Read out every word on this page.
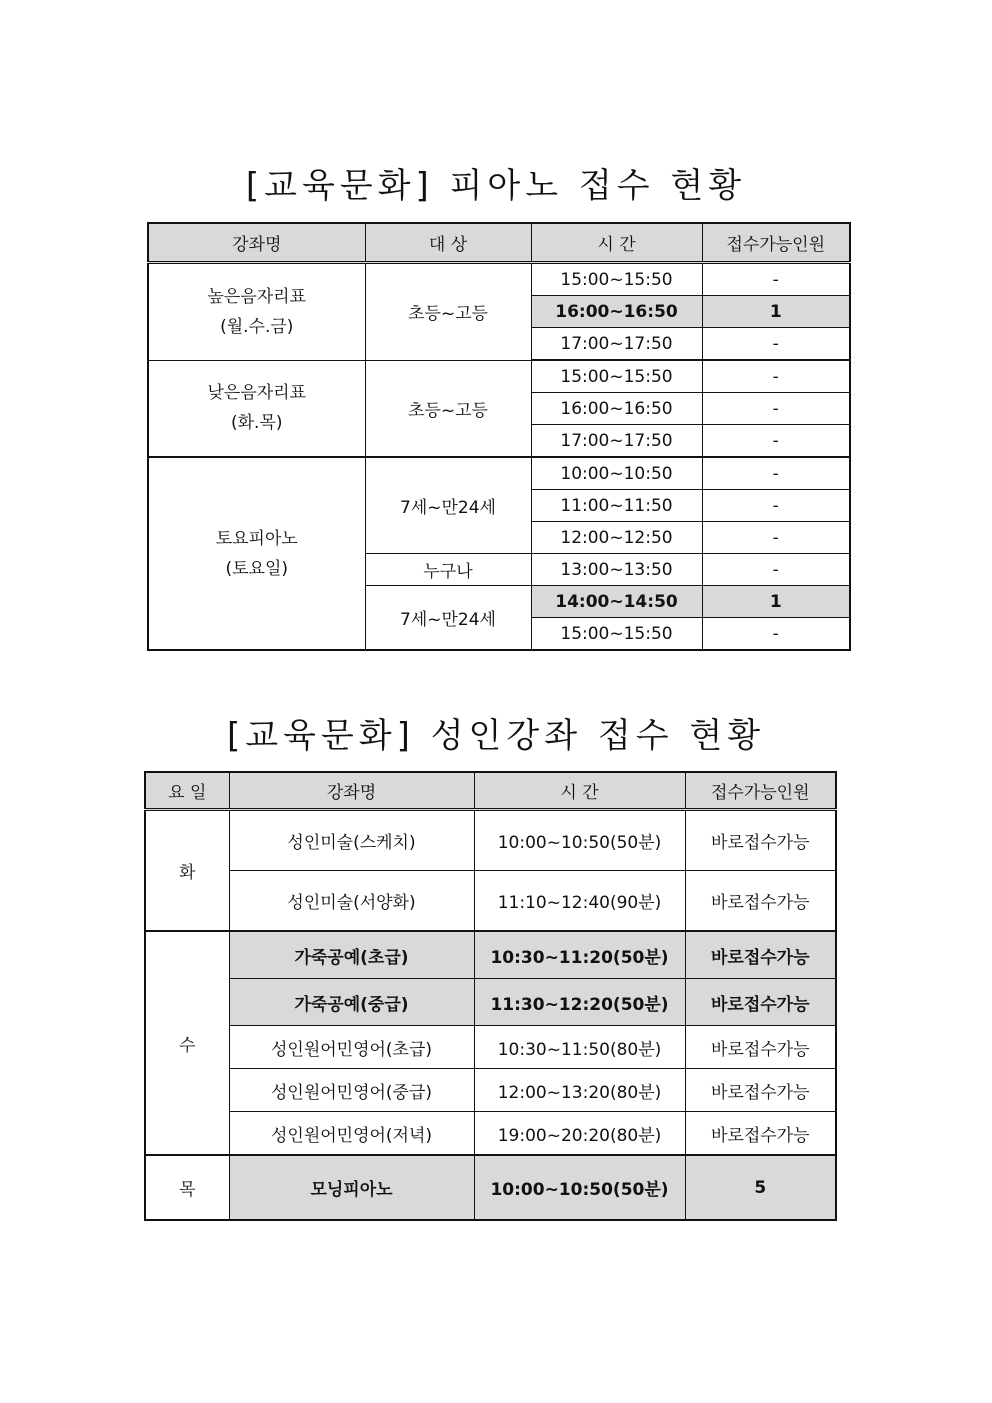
[교육문화] 피아노 접수 현황
강좌명	대 상	시 간	접수가능인원

높은음자리표
(월.수.금)	초등~고등	15:00~15:50	-
		16:00~16:50	1
		17:00~17:50	-

낮은음자리표
(화.목)	초등~고등	15:00~15:50	-
		16:00~16:50	-
		17:00~17:50	-

토요피아노
(토요일)	7세~만24세	10:00~10:50	-
		11:00~11:50	-
		12:00~12:50	-
	누구나	13:00~13:50	-
	7세~만24세	14:00~14:50	1
		15:00~15:50	-
[교육문화] 성인강좌 접수 현황
요 일	강좌명	시 간	접수가능인원
화	성인미술(스케치)	10:00~10:50(50분)	바로접수가능
	성인미술(서양화)	11:10~12:40(90분)	바로접수가능
수	가죽공예(초급)	10:30~11:20(50분)	바로접수가능
	가죽공예(중급)	11:30~12:20(50분)	바로접수가능
	성인원어민영어(초급)	10:30~11:50(80분)	바로접수가능
	성인원어민영어(중급)	12:00~13:20(80분)	바로접수가능
	성인원어민영어(저녁)	19:00~20:20(80분)	바로접수가능
목	모닝피아노	10:00~10:50(50분)	5
